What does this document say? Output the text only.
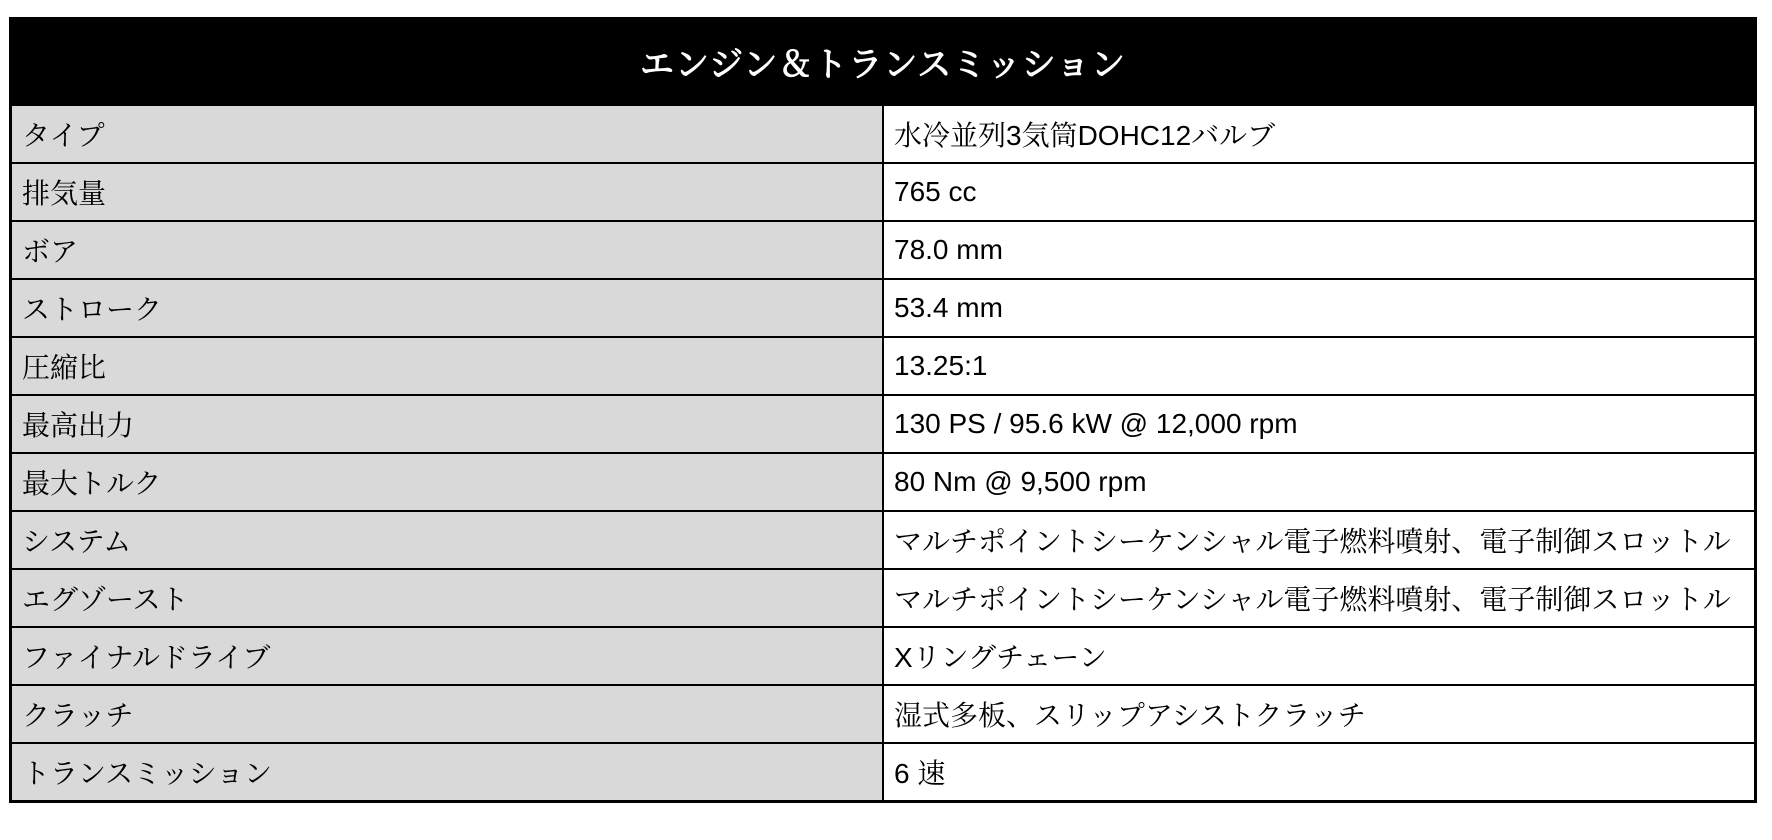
エンジン＆トランスミッション	
タイプ	水冷並列3気筒DOHC12バルブ
排気量	765 cc
ボア	78.0 mm
ストローク	53.4 mm
圧縮比	13.25:1
最高出力	130 PS / 95.6 kW @ 12,000 rpm
最大トルク	80 Nm @ 9,500 rpm
システム	マルチポイントシーケンシャル電子燃料噴射、電子制御スロットル
エグゾースト	マルチポイントシーケンシャル電子燃料噴射、電子制御スロットル
ファイナルドライブ	Xリングチェーン
クラッチ	湿式多板、スリップアシストクラッチ
トランスミッション	6 速
